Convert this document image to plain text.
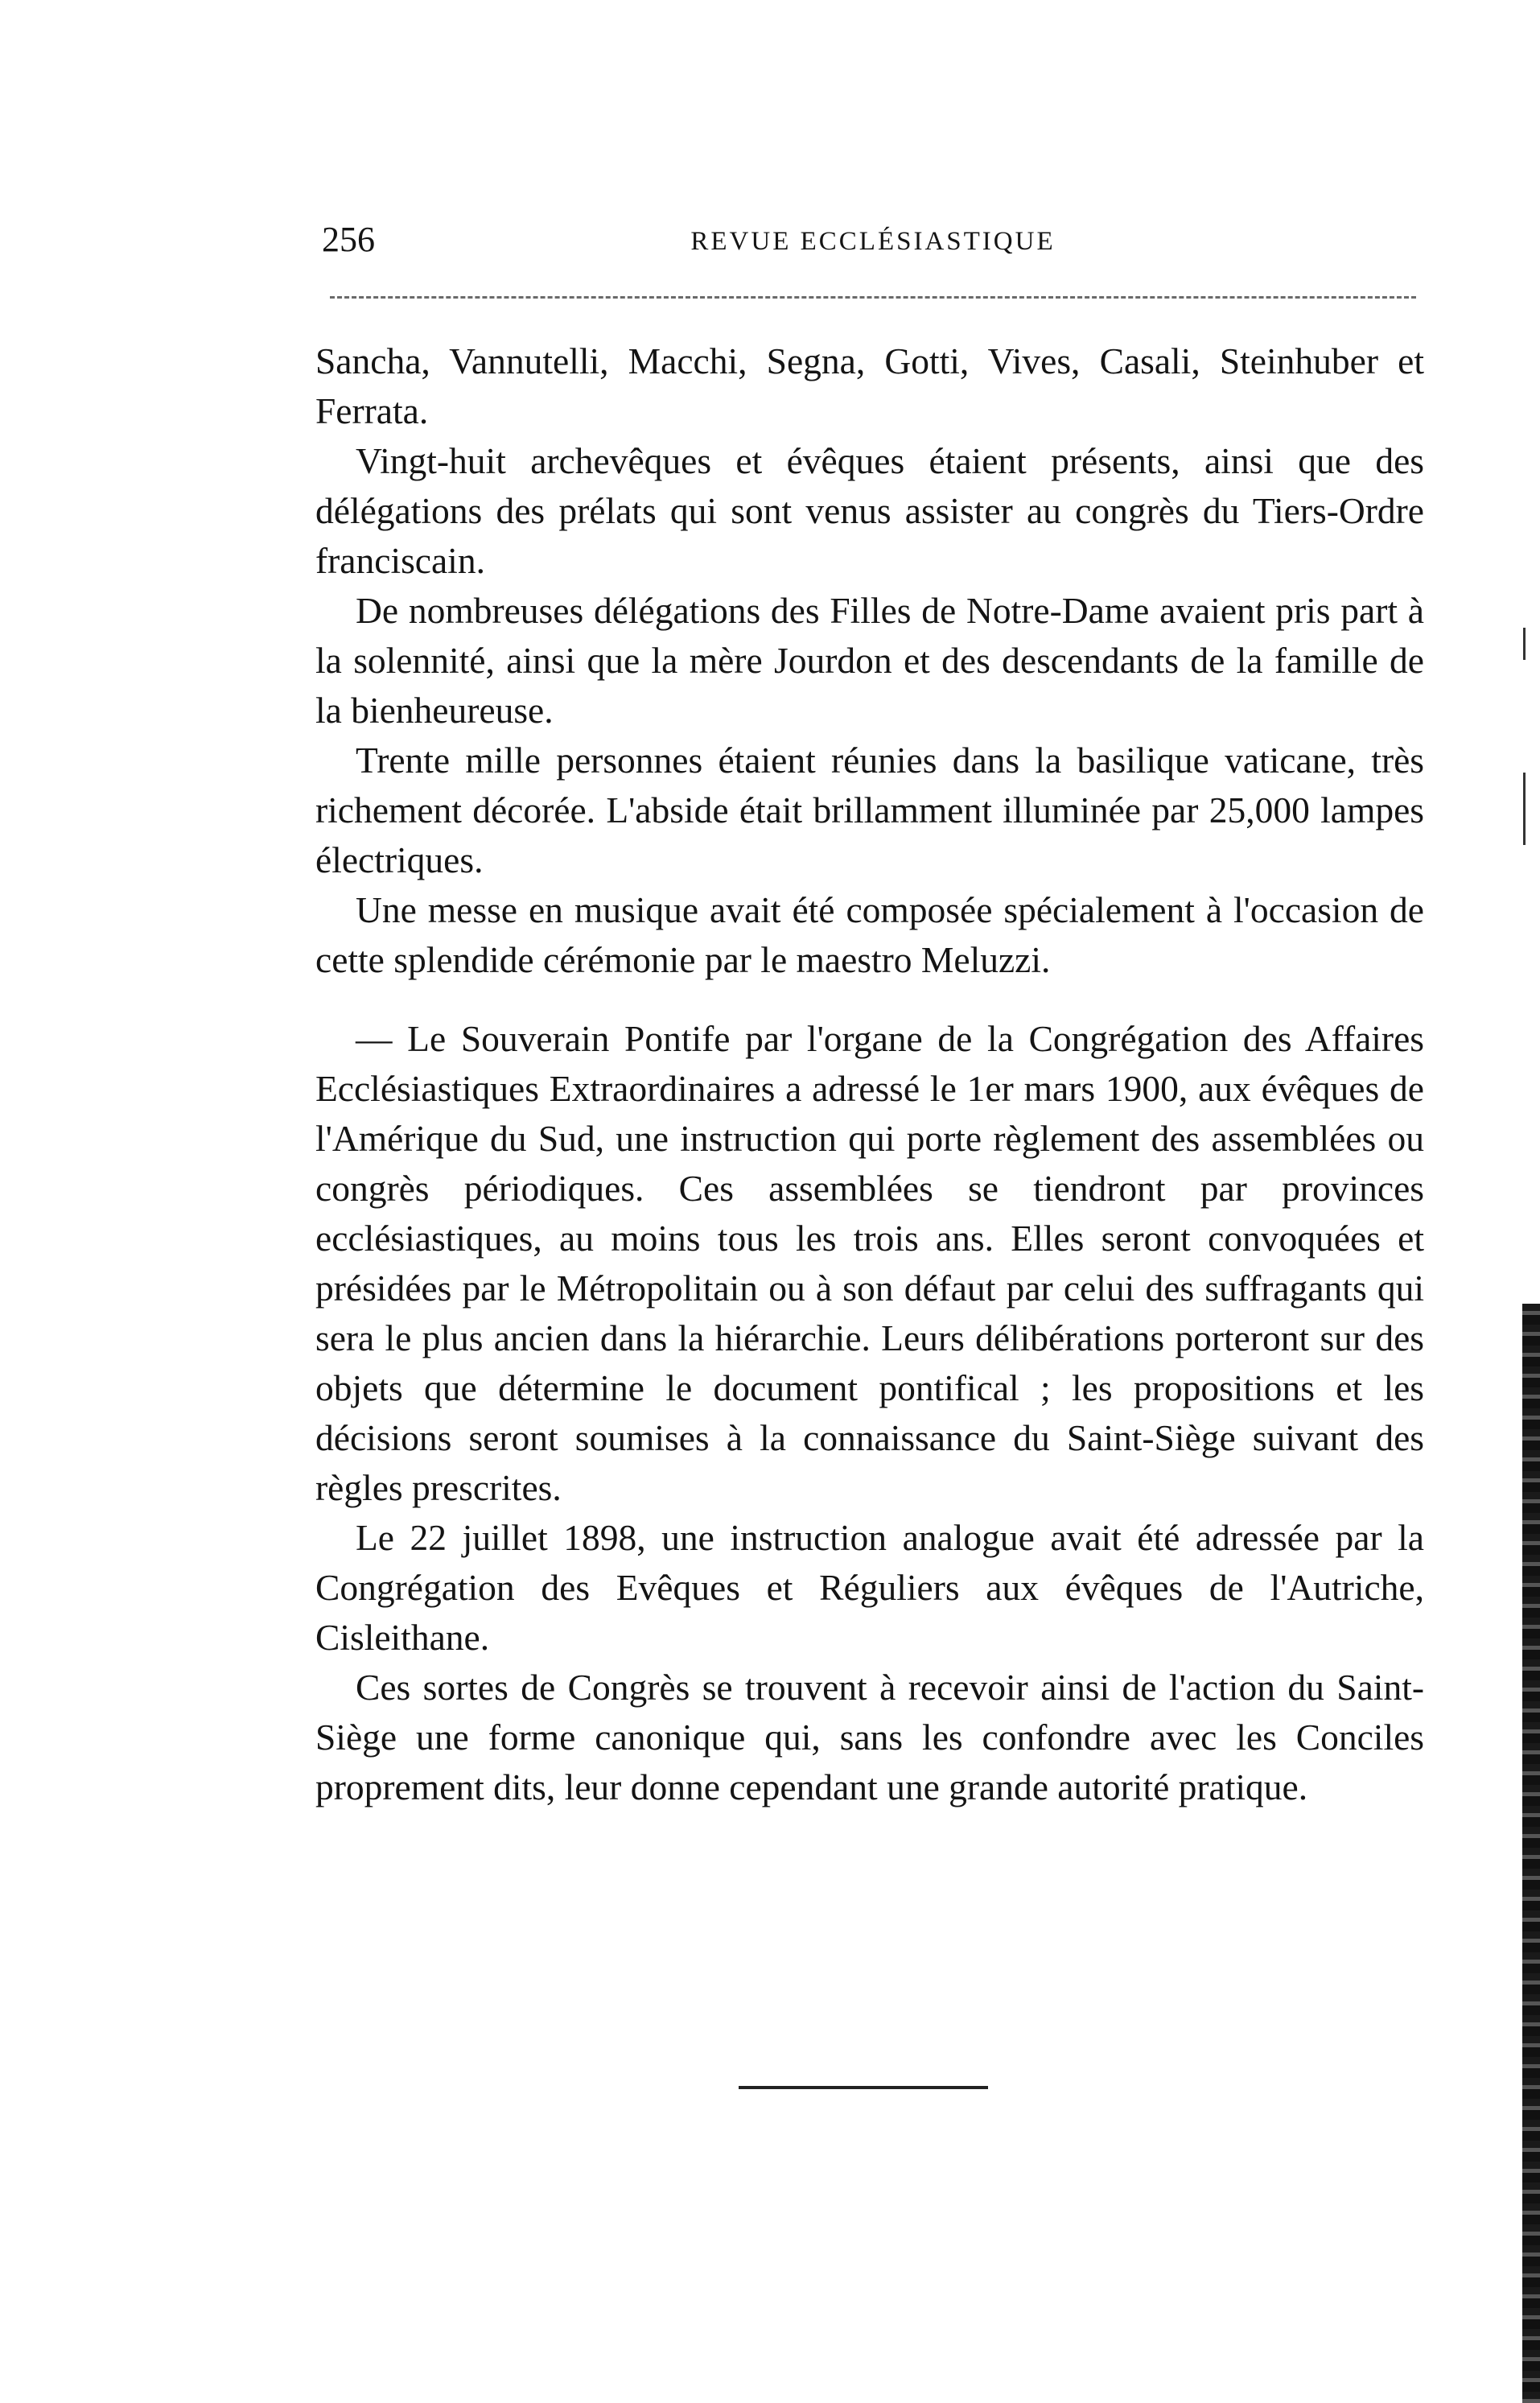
256	REVUE ECCLÉSIASTIQUE

Sancha, Vannutelli, Macchi, Segna, Gotti, Vives, Casali, Steinhuber et Ferrata.

Vingt-huit archevêques et évêques étaient présents, ainsi que des délégations des prélats qui sont venus assister au congrès du Tiers-Ordre franciscain.

De nombreuses délégations des Filles de Notre-Dame avaient pris part à la solennité, ainsi que la mère Jourdon et des descendants de la famille de la bienheureuse.

Trente mille personnes étaient réunies dans la basilique vaticane, très richement décorée. L'abside était brillamment illuminée par 25,000 lampes électriques.

Une messe en musique avait été composée spécialement à l'occasion de cette splendide cérémonie par le maestro Meluzzi.

— Le Souverain Pontife par l'organe de la Congrégation des Affaires Ecclésiastiques Extraordinaires a adressé le 1er mars 1900, aux évêques de l'Amérique du Sud, une instruction qui porte règlement des assemblées ou congrès périodiques. Ces assemblées se tiendront par provinces ecclésiastiques, au moins tous les trois ans. Elles seront convoquées et présidées par le Métropolitain ou à son défaut par celui des suffragants qui sera le plus ancien dans la hiérarchie. Leurs délibérations porteront sur des objets que détermine le document pontifical ; les propositions et les décisions seront soumises à la connaissance du Saint-Siège suivant des règles prescrites.

Le 22 juillet 1898, une instruction analogue avait été adressée par la Congrégation des Evêques et Réguliers aux évêques de l'Autriche, Cisleithane.

Ces sortes de Congrès se trouvent à recevoir ainsi de l'action du Saint-Siège une forme canonique qui, sans les confondre avec les Conciles proprement dits, leur donne cependant une grande autorité pratique.
